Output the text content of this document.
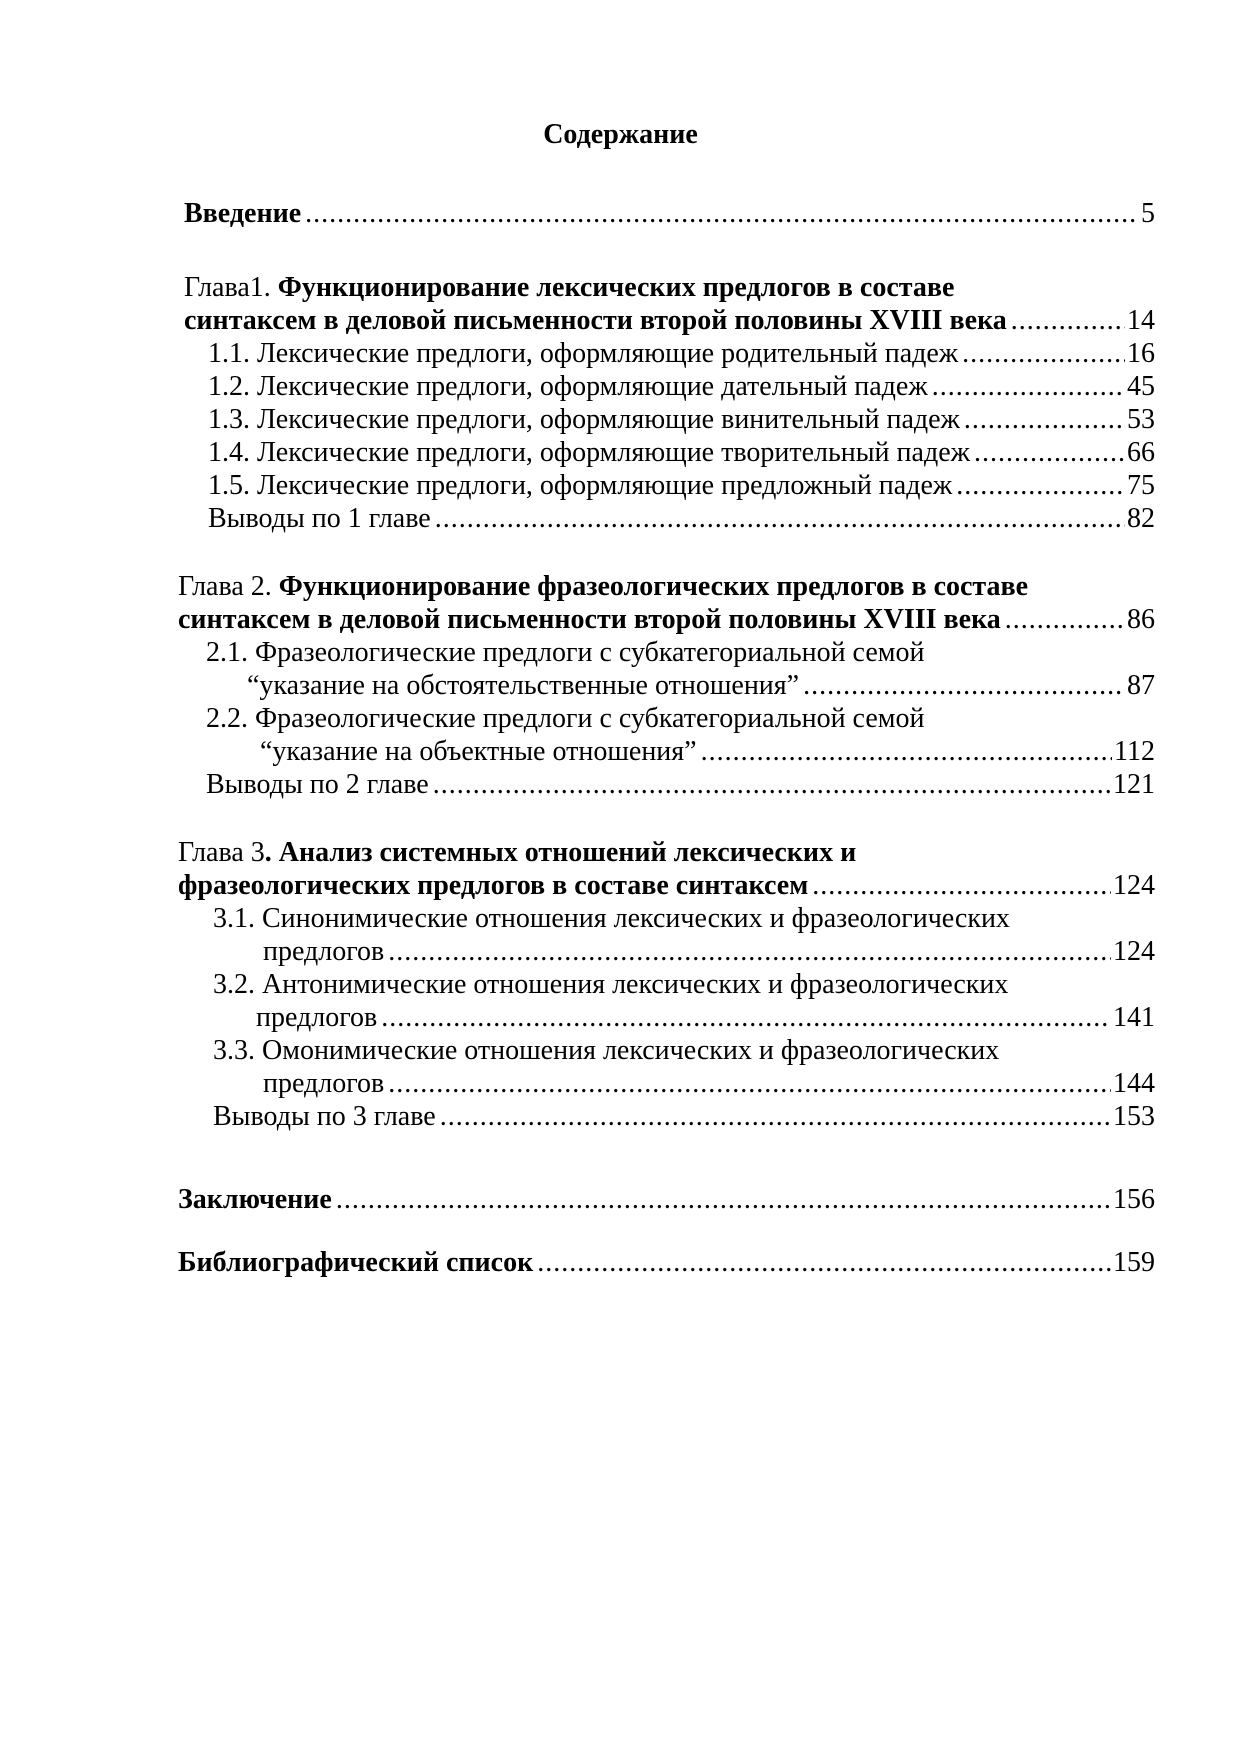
Содержание
Введение .....	5
Глава1. Функционирование лексических предлогов в составе
синтаксем в деловой письменности второй половины XVIII века .....	14
1.1. Лексические предлоги, оформляющие родительный падеж .....	16
1.2. Лексические предлоги, оформляющие дательный падеж .....	45
1.3. Лексические предлоги, оформляющие винительный падеж .....	53
1.4. Лексические предлоги, оформляющие творительный падеж .....	66
1.5. Лексические предлоги, оформляющие предложный падеж .....	75
Выводы по 1 главе .....	82
Глава 2. Функционирование фразеологических предлогов в составе
синтаксем в деловой письменности второй половины XVIII века .....	86
2.1. Фразеологические предлоги с субкатегориальной семой
“указание на обстоятельственные отношения” .....	87
2.2. Фразеологические предлоги с субкатегориальной семой
“указание на объектные отношения” .....	112
Выводы по 2 главе .....	121
Глава 3. Анализ системных отношений лексических и
фразеологических предлогов в составе синтаксем .....	124
3.1. Синонимические отношения лексических и фразеологических
предлогов .....	124
3.2. Антонимические отношения лексических и фразеологических
предлогов .....	141
3.3. Омонимические отношения лексических и фразеологических
предлогов .....	144
Выводы по 3 главе .....	153
Заключение .....	156
Библиографический список .....	159
